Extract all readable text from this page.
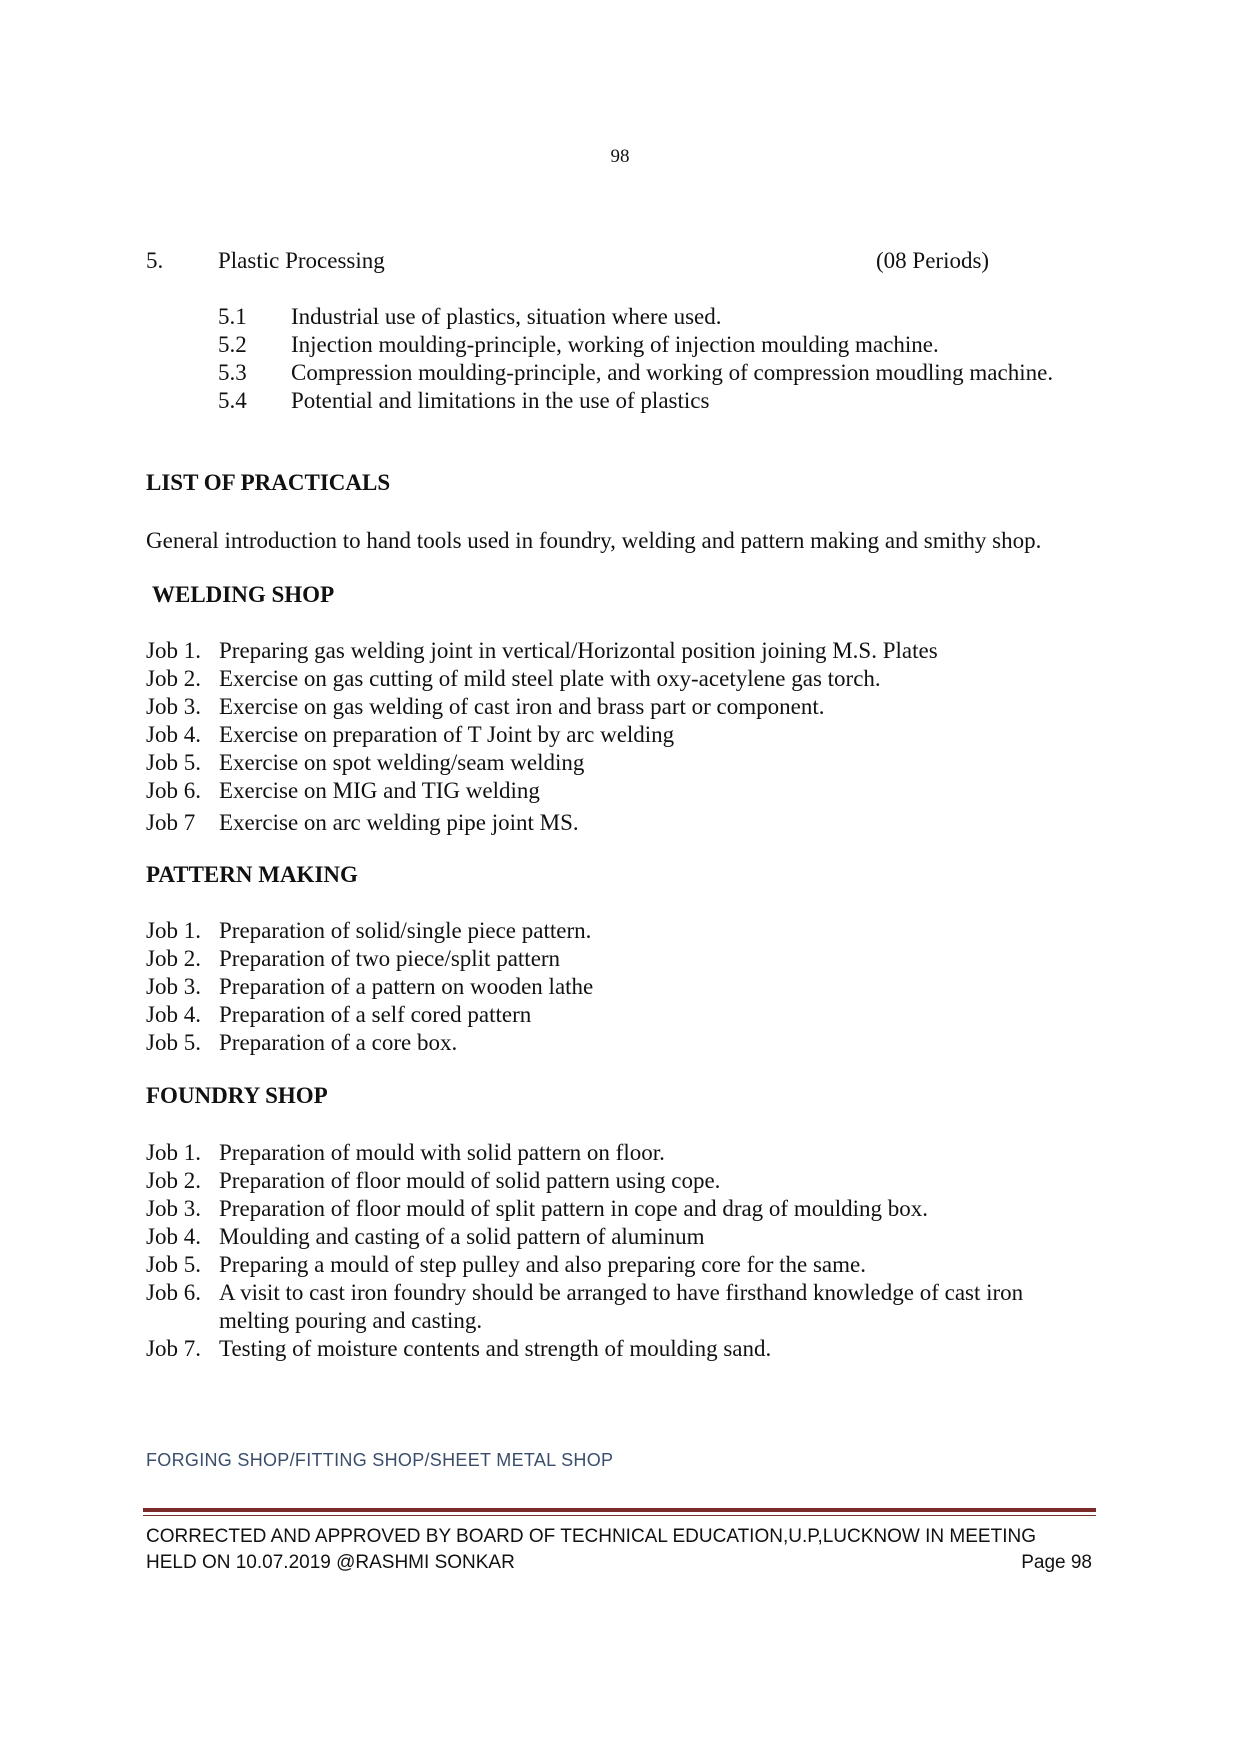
98
5. Plastic Processing	(08 Periods)
5.1	Industrial use of plastics, situation where used.
5.2	Injection moulding-principle, working of injection moulding machine.
5.3	Compression moulding-principle, and working of compression moudling machine.
5.4	Potential and limitations in the use of plastics
LIST OF PRACTICALS
General introduction to hand tools used in foundry, welding and pattern making and smithy shop.
WELDING SHOP
Job 1. Preparing gas welding joint in vertical/Horizontal position joining M.S. Plates
Job 2. Exercise on gas cutting of mild steel plate with oxy-acetylene gas torch.
Job 3. Exercise on gas welding of cast iron and brass part or component.
Job 4. Exercise on preparation of T Joint by arc welding
Job 5. Exercise on spot welding/seam welding
Job 6. Exercise on MIG and TIG welding
Job 7	Exercise on arc welding pipe joint MS.
PATTERN MAKING
Job 1. Preparation of solid/single piece pattern.
Job 2. Preparation of two piece/split pattern
Job 3. Preparation of a pattern on wooden lathe
Job 4. Preparation of a self cored pattern
Job 5. Preparation of a core box.
FOUNDRY SHOP
Job 1. Preparation of mould with solid pattern on floor.
Job 2. Preparation of floor mould of solid pattern using cope.
Job 3. Preparation of floor mould of split pattern in cope and drag of moulding box.
Job 4. Moulding and casting of a solid pattern of aluminum
Job 5. Preparing a mould of step pulley and also preparing core for the same.
Job 6. A visit to cast iron foundry should be arranged to have firsthand knowledge of cast iron melting pouring and casting.
Job 7. Testing of moisture contents and strength of moulding sand.
FORGING SHOP/FITTING SHOP/SHEET METAL SHOP
CORRECTED AND APPROVED BY BOARD OF TECHNICAL EDUCATION,U.P,LUCKNOW IN MEETING
HELD ON 10.07.2019 @RASHMI SONKAR	Page 98
